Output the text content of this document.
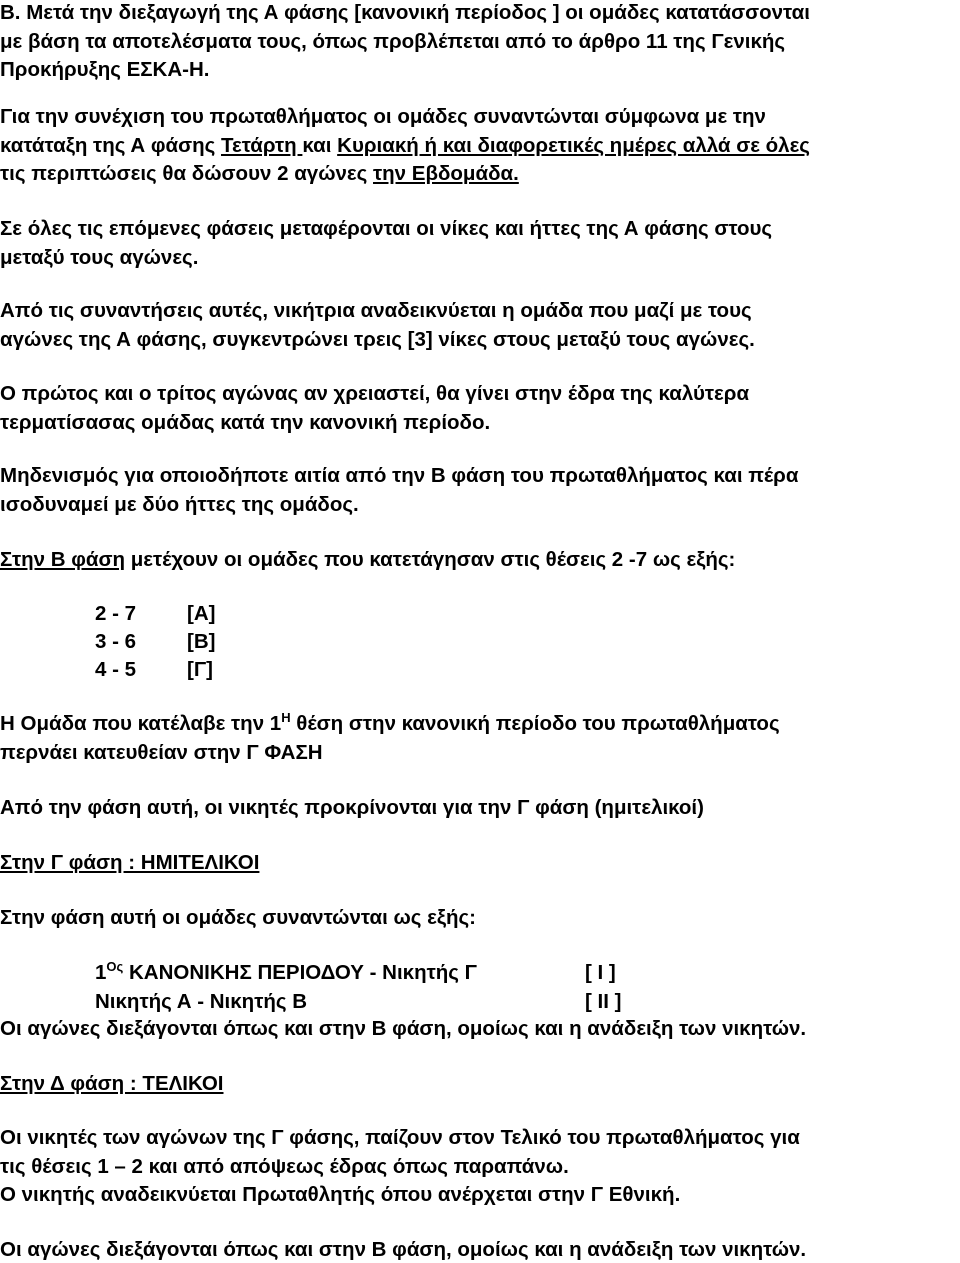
Β. Μετά την διεξαγωγή της Α φάσης [κανονική περίοδος ] οι ομάδες κατατάσσονται
με βάση τα αποτελέσματα τους, όπως προβλέπεται από το άρθρο 11 της Γενικής
Προκήρυξης ΕΣΚΑ-Η.
Για την συνέχιση του πρωταθλήματος οι ομάδες συναντώνται σύμφωνα με την
κατάταξη της Α φάσης Τετάρτη και Κυριακή ή και διαφορετικές ημέρες αλλά σε όλες
τις περιπτώσεις θα δώσουν 2 αγώνες την Εβδομάδα.
Σε όλες τις επόμενες φάσεις μεταφέρονται οι νίκες και ήττες της Α φάσης στους
μεταξύ τους αγώνες.
Από τις συναντήσεις αυτές, νικήτρια αναδεικνύεται η ομάδα που μαζί με τους
αγώνες της Α φάσης, συγκεντρώνει τρεις [3] νίκες στους μεταξύ τους αγώνες.
Ο πρώτος και ο τρίτος αγώνας αν χρειαστεί, θα γίνει στην έδρα της καλύτερα
τερματίσασας ομάδας κατά την κανονική περίοδο.
Μηδενισμός για οποιοδήποτε αιτία από την Β φάση του πρωταθλήματος και πέρα
ισοδυναμεί με δύο ήττες της ομάδος.
Στην Β φάση μετέχουν οι ομάδες που κατετάγησαν στις θέσεις 2 -7 ως εξής:
2 - 7 [Α]
3 - 6 [Β]
4 - 5 [Γ]
Η Ομάδα που κατέλαβε την $1^H$ θέση στην κανονική περίοδο του πρωταθλήματος
περνάει κατευθείαν στην Γ ΦΑΣΗ
Από την φάση αυτή, οι νικητές προκρίνονται για την Γ φάση (ημιτελικοί)
Στην Γ φάση : ΗΜΙΤΕΛΙΚΟΙ
Στην φάση αυτή οι ομάδες συναντώνται ως εξής:
$1^{O\varsigma}$ ΚΑΝΟΝΙΚΗΣ ΠΕΡΙΟΔΟΥ - Νικητής Γ	[ Ι ]
Νικητής Α - Νικητής Β	[ ΙΙ ]
Οι αγώνες διεξάγονται όπως και στην Β φάση, ομοίως και η ανάδειξη των νικητών.
Στην Δ φάση : ΤΕΛΙΚΟΙ
Οι νικητές των αγώνων της Γ φάσης, παίζουν στον Τελικό του πρωταθλήματος για
τις θέσεις 1 – 2 και από απόψεως έδρας όπως παραπάνω.
Ο νικητής αναδεικνύεται Πρωταθλητής όπου ανέρχεται στην Γ Εθνική.
Οι αγώνες διεξάγονται όπως και στην Β φάση, ομοίως και η ανάδειξη των νικητών.
